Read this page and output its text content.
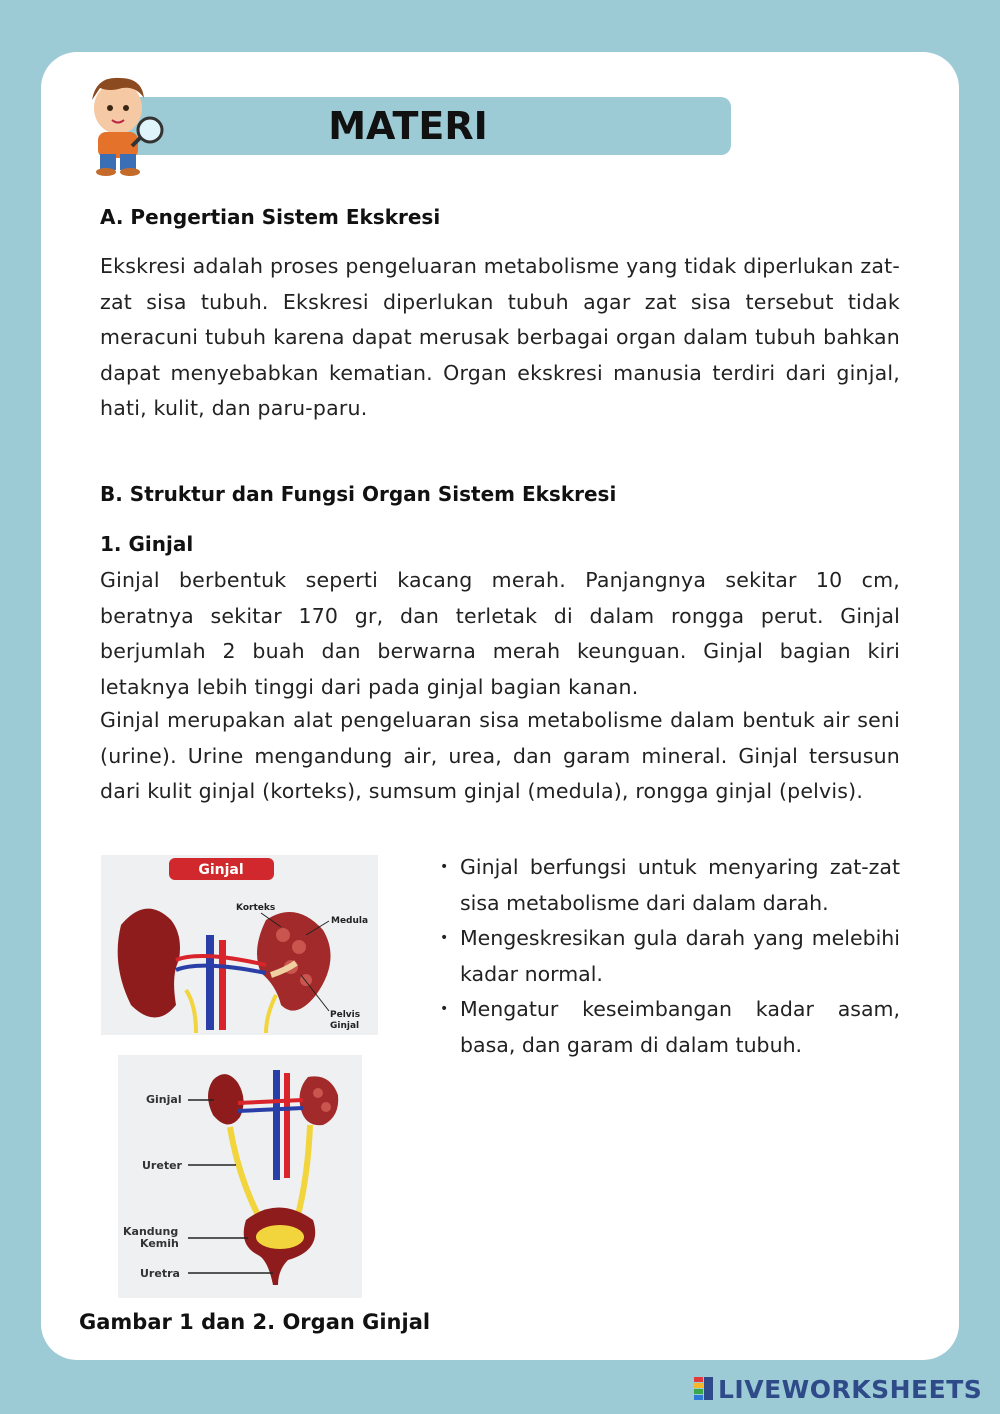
MATERI
A. Pengertian Sistem Ekskresi
Ekskresi adalah proses pengeluaran metabolisme yang tidak diperlukan zat-zat sisa tubuh. Ekskresi diperlukan tubuh agar zat sisa tersebut tidak meracuni tubuh karena dapat merusak berbagai organ dalam tubuh bahkan dapat menyebabkan kematian. Organ ekskresi manusia terdiri dari ginjal, hati, kulit, dan paru-paru.
B. Struktur dan Fungsi Organ Sistem Ekskresi
1. Ginjal
Ginjal berbentuk seperti kacang merah. Panjangnya sekitar 10 cm, beratnya sekitar 170 gr, dan terletak di dalam rongga perut. Ginjal berjumlah 2 buah dan berwarna merah keunguan. Ginjal bagian kiri letaknya lebih tinggi dari pada ginjal bagian kanan.
Ginjal merupakan alat pengeluaran sisa metabolisme dalam bentuk air seni (urine). Urine mengandung air, urea, dan garam mineral. Ginjal tersusun dari kulit ginjal (korteks), sumsum ginjal (medula), rongga ginjal (pelvis).
Ginjal
Korteks
Medula
Pelvis
Ginjal
Ginjal
Ureter
Kandung
Kemih
Uretra
• Ginjal berfungsi untuk menyaring zat-zat sisa metabolisme dari dalam darah.
• Mengeskresikan gula darah yang melebihi kadar normal.
• Mengatur keseimbangan kadar asam, basa, dan garam di dalam tubuh.
Gambar 1 dan 2. Organ Ginjal
LIVEWORKSHEETS
